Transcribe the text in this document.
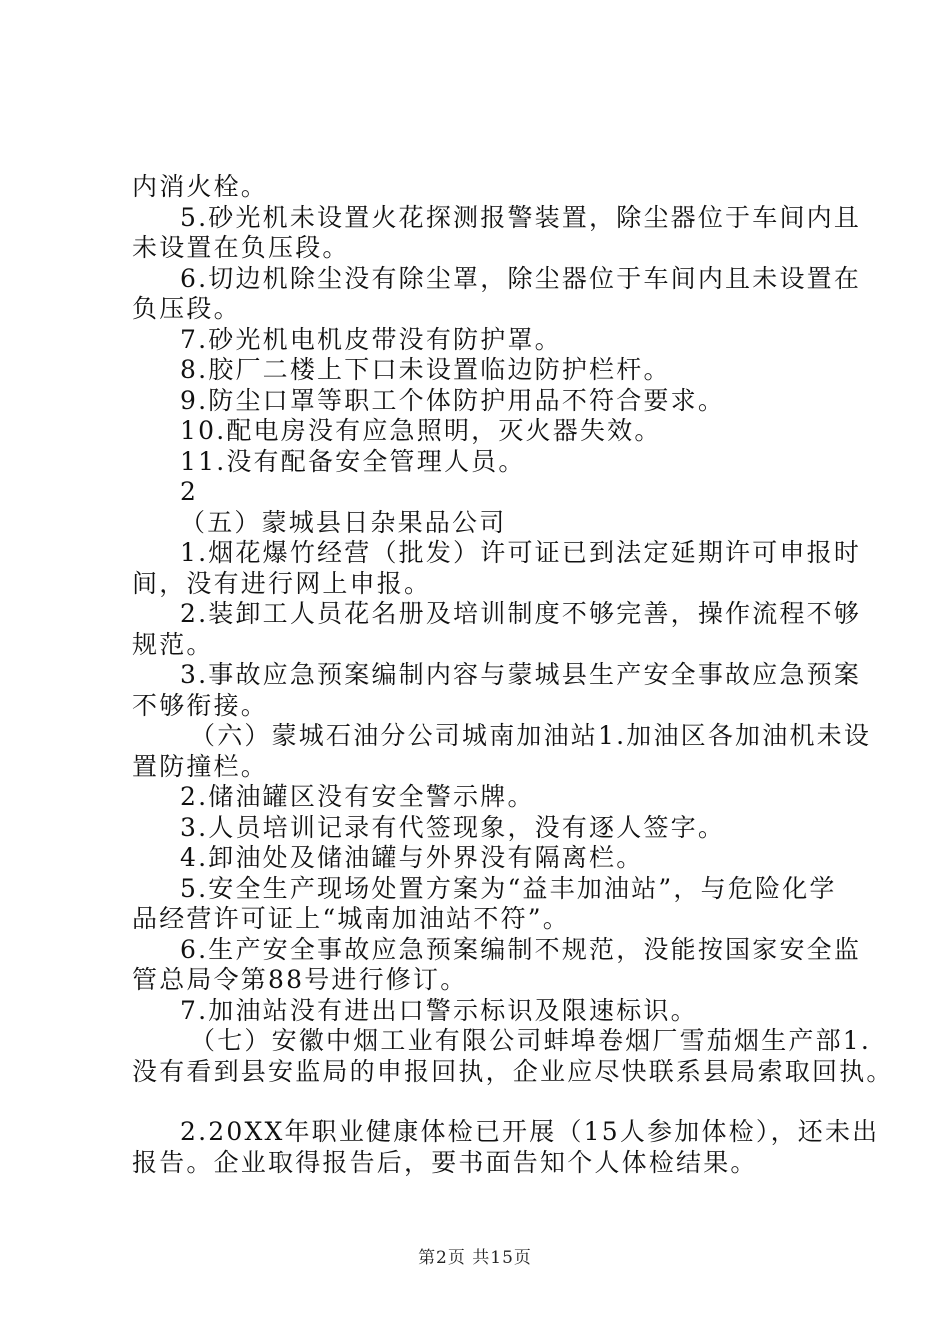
内消火栓。
5.砂光机未设置火花探测报警装置，除尘器位于车间内且
未设置在负压段。
6.切边机除尘没有除尘罩，除尘器位于车间内且未设置在
负压段。
7.砂光机电机皮带没有防护罩。
8.胶厂二楼上下口未设置临边防护栏杆。
9.防尘口罩等职工个体防护用品不符合要求。
10.配电房没有应急照明，灭火器失效。
11.没有配备安全管理人员。
2
（五）蒙城县日杂果品公司
1.烟花爆竹经营（批发）许可证已到法定延期许可申报时
间，没有进行网上申报。
2.装卸工人员花名册及培训制度不够完善，操作流程不够
规范。
3.事故应急预案编制内容与蒙城县生产安全事故应急预案
不够衔接。
（六）蒙城石油分公司城南加油站1.加油区各加油机未设
置防撞栏。
2.储油罐区没有安全警示牌。
3.人员培训记录有代签现象，没有逐人签字。
4.卸油处及储油罐与外界没有隔离栏。
5.安全生产现场处置方案为“益丰加油站”，与危险化学
品经营许可证上“城南加油站不符”。
6.生产安全事故应急预案编制不规范，没能按国家安全监
管总局令第88号进行修订。
7.加油站没有进出口警示标识及限速标识。
（七）安徽中烟工业有限公司蚌埠卷烟厂雪茄烟生产部1.
没有看到县安监局的申报回执，企业应尽快联系县局索取回执。
2.20XX年职业健康体检已开展（15人参加体检），还未出
报告。企业取得报告后，要书面告知个人体检结果。
第2页 共15页
